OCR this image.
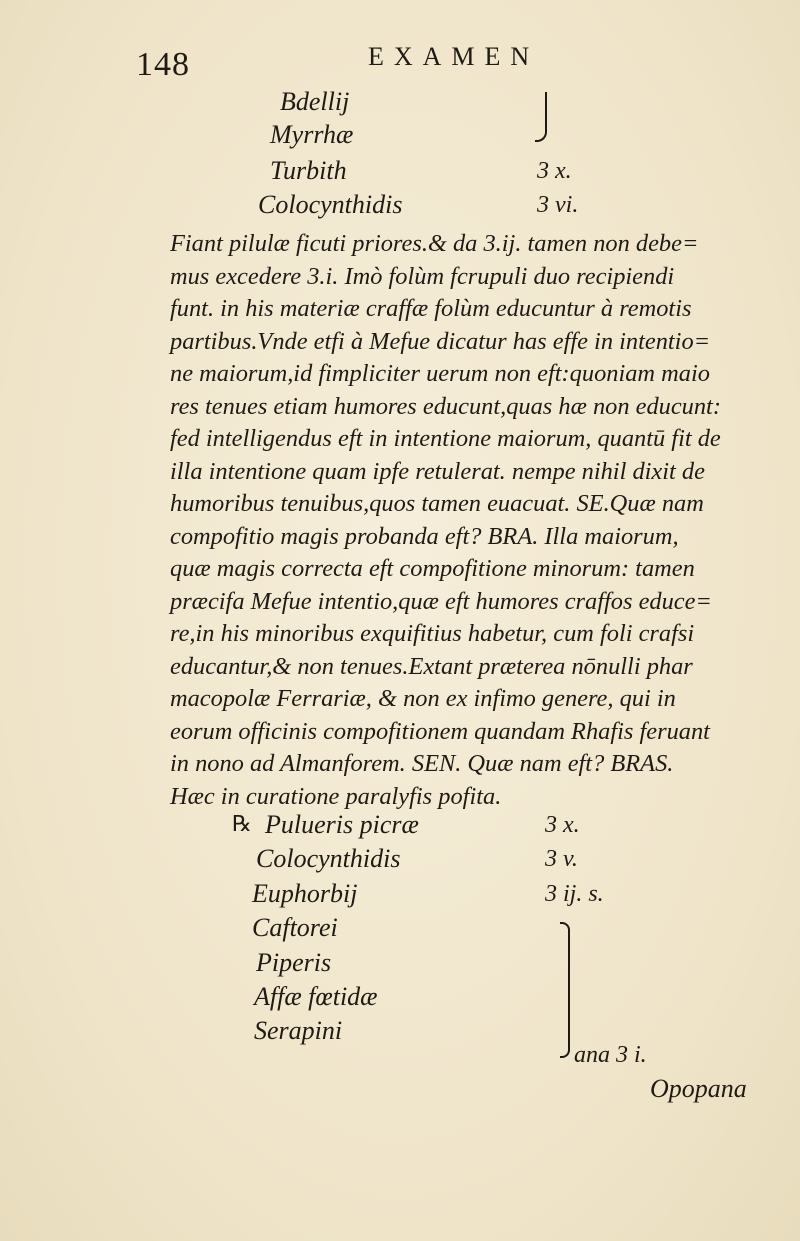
148	EXAMEN
Bdellij
Myrrhæ
Turbith	3 x.
Colocynthidis	3 vi.
Fiant pilulæ ficuti priores.& da 3.ij. tamen non debe=
mus excedere 3.i. Imò folùm fcrupuli duo recipiendi
funt. in his materiæ craffæ folùm educuntur à remotis
partibus.Vnde etfi à Mefue dicatur has effe in intentio=
ne maiorum,id fimpliciter uerum non eft:quoniam maio
res tenues etiam humores educunt,quas hæ non educunt:
fed intelligendus eft in intentione maiorum, quantū fit de
illa intentione quam ipfe retulerat. nempe nihil dixit de
humoribus tenuibus,quos tamen euacuat. SE.Quæ nam
compofitio magis probanda eft? BRA. Illa maiorum,
quæ magis correcta eft compofitione minorum: tamen
præcifa Mefue intentio,quæ eft humores craffos educe=
re,in his minoribus exquifitius habetur, cum foli crafsi
educantur,& non tenues.Extant præterea nōnulli phar
macopolæ Ferrariæ, & non ex infimo genere, qui in
eorum officinis compofitionem quandam Rhafis feruant
in nono ad Almanforem. SEN. Quæ nam eft? BRAS.
Hæc in curatione paralyfis pofita.
℞ Pulueris picræ	3 x.
Colocynthidis	3 v.
Euphorbij	3 ij. s.
Caftorei
Piperis
Affæ fœtidæ
Serapini
ana 3 i.
Opopana
